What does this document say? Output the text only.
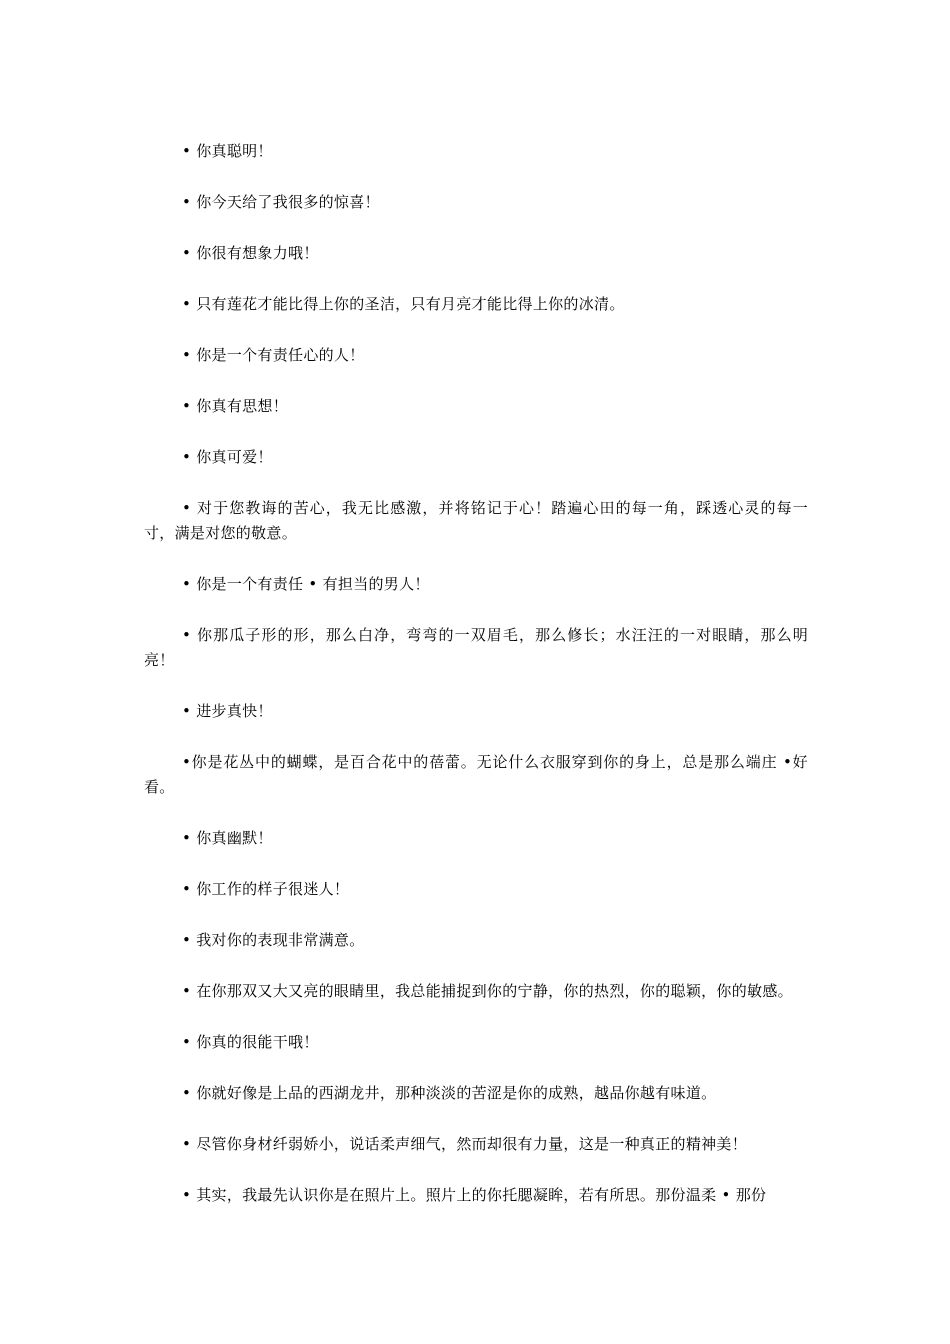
• 你真聪明！

• 你今天给了我很多的惊喜！

• 你很有想象力哦！

• 只有莲花才能比得上你的圣洁，只有月亮才能比得上你的冰清。

• 你是一个有责任心的人！

• 你真有思想！

• 你真可爱！

• 对于您教诲的苦心，我无比感激，并将铭记于心！踏遍心田的每一角，踩透心灵的每一寸，满是对您的敬意。

• 你是一个有责任 • 有担当的男人！

• 你那瓜子形的形，那么白净，弯弯的一双眉毛，那么修长；水汪汪的一对眼睛，那么明亮！

• 进步真快！

•你是花丛中的蝴蝶，是百合花中的蓓蕾。无论什么衣服穿到你的身上，总是那么端庄 •好看。

• 你真幽默！

• 你工作的样子很迷人！

• 我对你的表现非常满意。

• 在你那双又大又亮的眼睛里，我总能捕捉到你的宁静，你的热烈，你的聪颖，你的敏感。

• 你真的很能干哦！

• 你就好像是上品的西湖龙井，那种淡淡的苦涩是你的成熟，越品你越有味道。

• 尽管你身材纤弱娇小，说话柔声细气，然而却很有力量，这是一种真正的精神美！

• 其实，我最先认识你是在照片上。照片上的你托腮凝眸，若有所思。那份温柔 • 那份
